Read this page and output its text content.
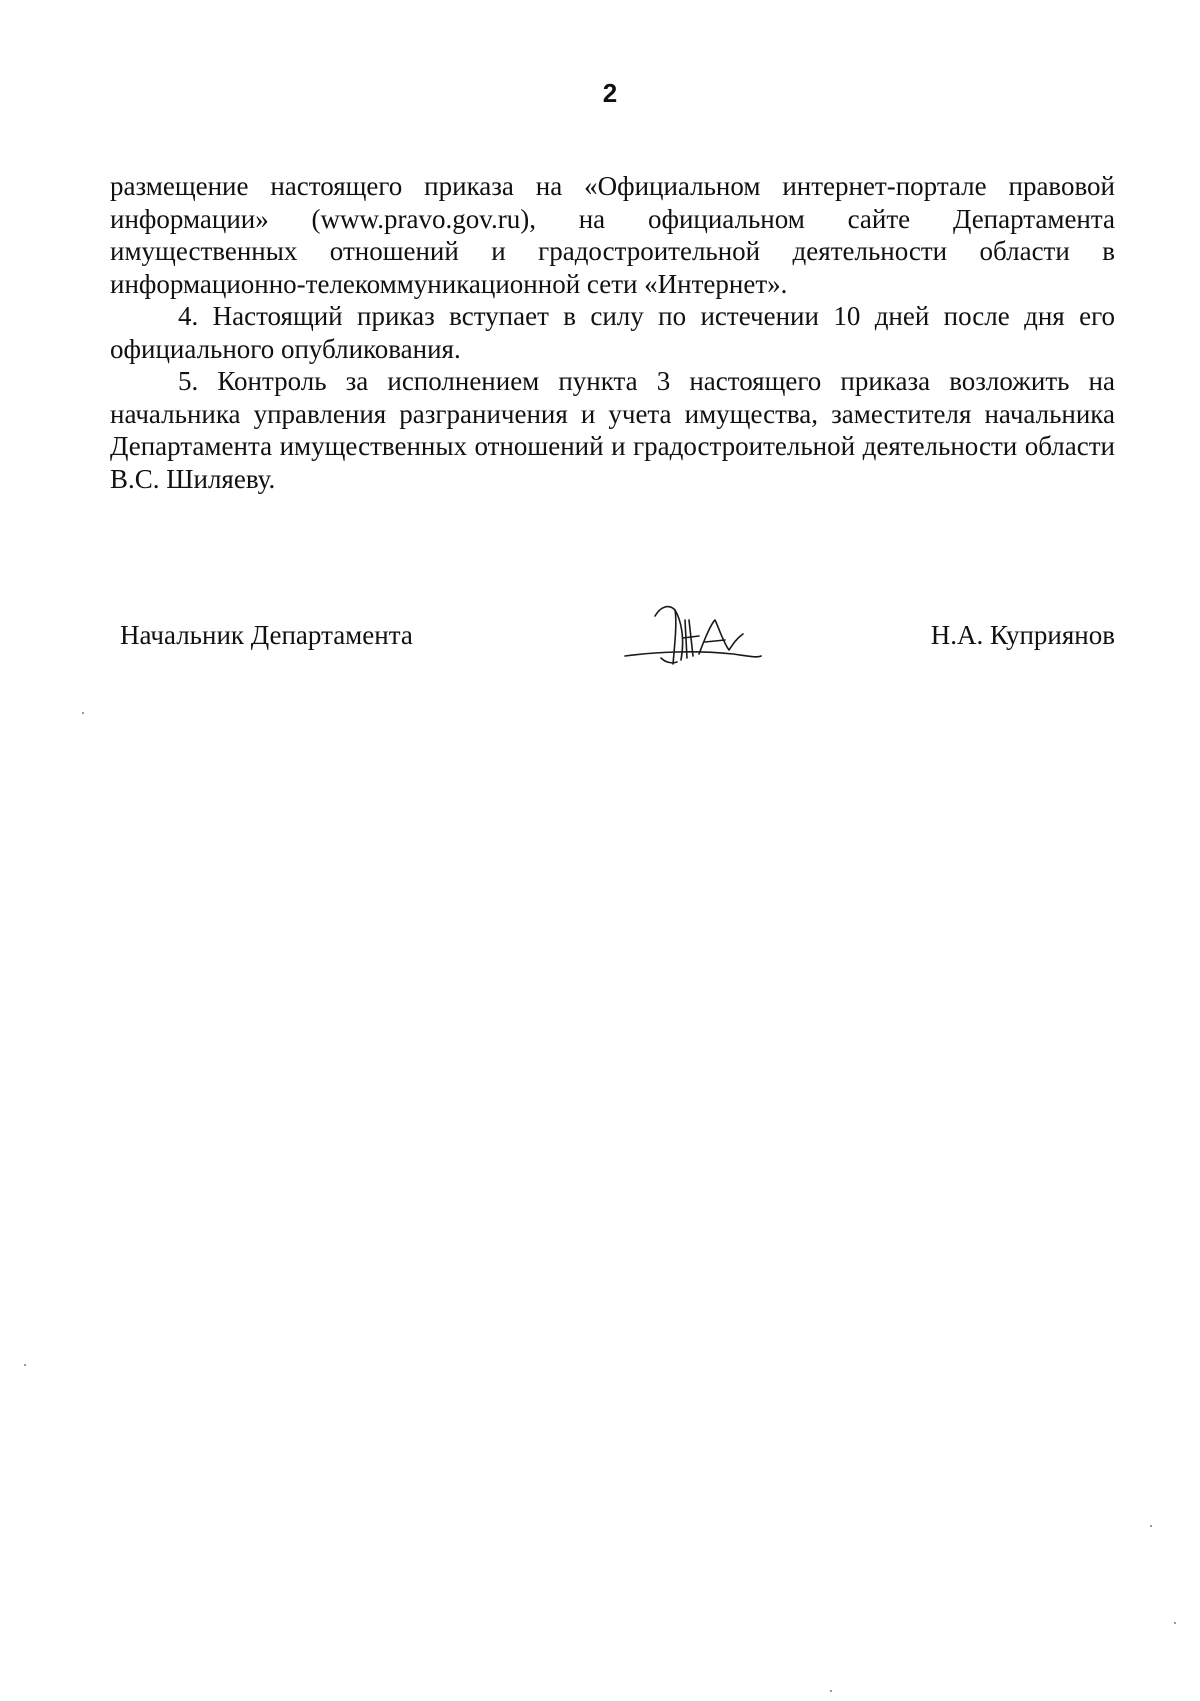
2

размещение настоящего приказа на «Официальном интернет-портале правовой информации» (www.pravo.gov.ru), на официальном сайте Департамента имущественных отношений и градостроительной деятельности области в информационно-телекоммуникационной сети «Интернет».

4. Настоящий приказ вступает в силу по истечении 10 дней после дня его официального опубликования.

5. Контроль за исполнением пункта 3 настоящего приказа возложить на начальника управления разграничения и учета имущества, заместителя начальника Департамента имущественных отношений и градостроительной деятельности области В.С. Шиляеву.

Начальник Департамента	Н.А. Куприянов
